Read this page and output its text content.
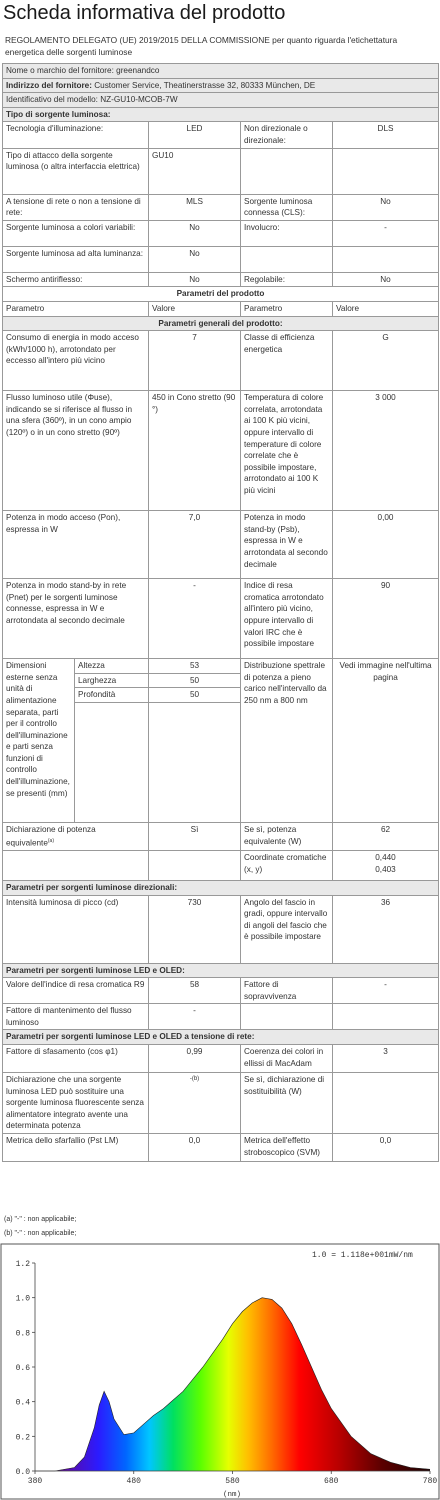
Scheda informativa del prodotto
REGOLAMENTO DELEGATO (UE) 2019/2015 DELLA COMMISSIONE per quanto riguarda l'etichettatura energetica delle sorgenti luminose
Nome o marchio del fornitore: greenandco				
Indirizzo del fornitore: Customer Service, Theatinerstrasse 32, 80333 München, DE				
Identificativo del modello: NZ-GU10-MCOB-7W				
Tipo di sorgente luminosa:				
Tecnologia d'illuminazione:		LED	Non direzionale o direzionale:	DLS
Tipo di attacco della sorgente luminosa (o altra interfaccia elettrica)		GU10		
A tensione di rete o non a tensione di rete:		MLS	Sorgente luminosa connessa (CLS):	No
Sorgente luminosa a colori variabili:		No	Involucro:	-
Sorgente luminosa ad alta luminanza:		No		
Schermo antiriflesso:		No	Regolabile:	No
Parametri del prodotto				
Parametro		Valore	Parametro	Valore
Parametri generali del prodotto:				
Consumo di energia in modo acceso (kWh/1000 h), arrotondato per eccesso all'intero più vicino		7	Classe di efficienza energetica	G
Flusso luminoso utile (Φuse), indicando se si riferisce al flusso in una sfera (360º), in un cono ampio (120º) o in un cono stretto (90º)		450 in Cono stretto (90 °)	Temperatura di colore correlata, arrotondata ai 100 K più vicini, oppure intervallo di temperature di colore correlate che è possibile impostare, arrotondato ai 100 K più vicini	3 000
Potenza in modo acceso (Pon), espressa in W		7,0	Potenza in modo stand-by (Psb), espressa in W e arrotondata al secondo decimale	0,00
Potenza in modo stand-by in rete (Pnet) per le sorgenti luminose connesse, espressa in W e arrotondata al secondo decimale		-	Indice di resa cromatica arrotondato all'intero più vicino, oppure intervallo di valori IRC che è possibile impostare	90
Dimensioni esterne senza unità di alimentazione separata, parti per il controllo dell'illuminazione e parti senza funzioni di controllo dell'illuminazione, se presenti (mm)	Altezza	53	Distribuzione spettrale di potenza a pieno carico nell'intervallo da 250 nm a 800 nm	Vedi immagine nell'ultima pagina
	Larghezza	50		
	Profondità	50		

Dichiarazione di potenza equivalente$^{(a)}$		Sì	Se sì, potenza equivalente (W)	62
			Coordinate cromatiche (x, y)	0,440
0,403

Parametri per sorgenti luminose direzionali:				
Intensità luminosa di picco (cd)		730	Angolo del fascio in gradi, oppure intervallo di angoli del fascio che è possibile impostare	36
Parametri per sorgenti luminose LED e OLED:				
Valore dell'indice di resa cromatica R9		58	Fattore di sopravvivenza	-
Fattore di mantenimento del flusso luminoso		-		
Parametri per sorgenti luminose LED e OLED a tensione di rete:				
Fattore di sfasamento (cos φ1)		0,99	Coerenza dei colori in ellissi di MacAdam	3
Dichiarazione che una sorgente luminosa LED può sostituire una sorgente luminosa fluorescente senza alimentatore integrato avente una determinata potenza		-(b)	Se sì, dichiarazione di sostituibilità (W)	
Metrica dello sfarfallio (Pst LM)		0,0	Metrica dell'effetto stroboscopico (SVM)	0,0
(a) "-" : non applicabile;
(b) "-" : non applicabile;
1.0 = 1.118e+001mW/nm
0.0
0.2
0.4
0.6
0.8
1.0
1.2
380	480	580	680	780
(nm)
